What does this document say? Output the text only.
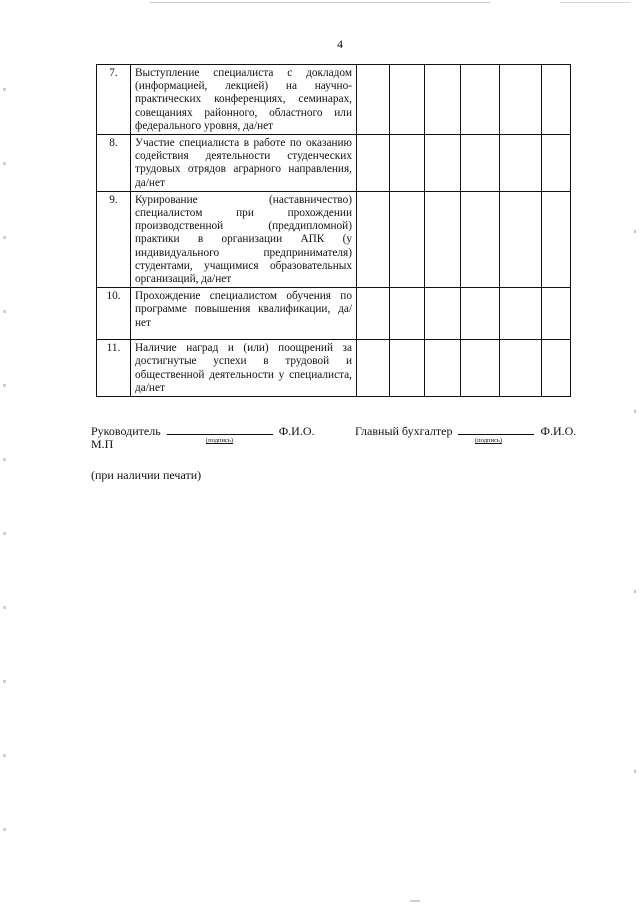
4
7.	Выступление специалиста с докладом (информацией, лекцией) на научно-практических конференциях, семинарах, совещаниях районного, областного или федерального уровня, да/нет						
8.	Участие специалиста в работе по оказанию содействия деятельности студенческих трудовых отрядов аграрного направления, да/нет						
9.	Курирование (наставничество) специалистом при прохождении производственной (преддипломной) практики в организации АПК (у индивидуального предпринимателя) студентами, учащимися образовательных организаций, да/нет						
10.	Прохождение специалистом обучения по программе повышения квалификации, да/нет						
11.	Наличие наград и (или) поощрений за достигнутые успехи в трудовой и общественной деятельности у специалиста, да/нет						
Руководитель	Ф.И.О.
(подпись)
Главный бухгалтер	Ф.И.О.
(подпись)
М.П
(при наличии печати)
